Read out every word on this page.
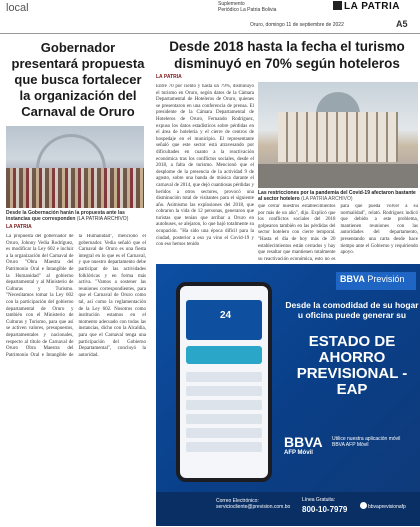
local	Suplemento
Periódico La Patria Bolivia	LA PATRIA
Oruro, domingo 11 de septiembre de 2022	A5
Gobernador presentará propuesta que busca fortalecer la organización del Carnaval de Oruro
Desde la Gobernación harán la propuesta ante las instancias que corresponden (LA PATRIA ARCHIVO)
LA PATRIA
La propuesta del gobernador de Oruro, Johnny Vedia Rodríguez, es modificar la Ley 602 e incluir a la organización del Carnaval de Oruro "Obra Maestra del Patrimonio Oral e Intangible de la Humanidad" al gobierno departamental y al Ministerio de Culturas y Turismo. "Necesitamos tomar la Ley 602 con la participación del gobierno departamental de Oruro y también con el Ministerio de Culturas y Turismo, para que así se activen valores, presupuestos, departamentales y nacionales, respecto al título de Carnaval de Oruro Obra Maestra del Patrimonio Oral e Intangible de la Humanidad", mencionó el gobernador. Vedia señaló que el Carnaval de Oruro es una fiesta integral en lo que es el Carnaval, y que nuestro departamento debe participar de las actividades folklóricas y en forma más activa. "Vamos a sostener las reuniones correspondientes, para que el Carnaval de Oruro como tal, así como la reglamentación de la Ley 602. Nosotros como institución estamos en el momento adecuado con todas las instancias, dicho con la Alcaldía, para que el Carnaval tenga una participación del Gobierno Departamental", concluyó la autoridad.
Desde 2018 hasta la fecha el turismo disminuyó en 70% según hoteleros
LA PATRIA
Entre 70 por ciento y hasta un 79%, disminuyó el turismo en Oruro, según datos de la Cámara Departamental de Hoteleros de Oruro, quienes se presentaron en una conferencia de prensa. El presidente de la Cámara Departamental de Hoteleros de Oruro, Fernando Rodríguez, expuso los datos estadísticos sobre pérdidas en el área de hotelería y el cierre de centros de hospedaje en el municipio. El representante señaló que este sector está atravesando por dificultades en cuanto a la reactivación económica tras los conflictos sociales, desde el 2018, a falta de turismo. Mencionó que el desplome de la presencia de la actividad 9 de agosto, sobre una banda de música durante el carnaval de 2014, que dejó cuantiosas pérdidas y heridos a otros sectores, provocó una disminución total de visitantes para el siguiente año. Asimismo las explosiones del 2018, que cobraron la vida de 12 personas, generaron que turistas que tenían que arribar a Oruro en autobuses, se alejaron, lo que bajó totalmente su ocupación. "Ha sido una época difícil para la ciudad, posterior a eso ya vino el Covid-19 y con eso hemos tenido
Las restricciones por la pandemia del Covid-19 afectaron bastante al sector hotelero (LA PATRIA ARCHIVO)
que cerrar nuestros establecimientos por más de un año", dijo. Explicó que los conflictos sociales del 2018 golpearon también en las pérdidas del sector hotelero con cierre temporal. "Hasta el día de hoy más de 20 establecimientos están cerrados y hay que resaltar que mantienen totalmente su reactivación económica, esto no es para que pueda volver a su normalidad", relató. Rodríguez indicó que debido a este problema, mantienen reuniones con las autoridades del departamento, presentando una carta desde hace tiempo ante el Gobierno y requiriendo apoyo.
24
BBVA Previsión
Desde la comodidad de su hogar u oficina puede generar su
ESTADO DE AHORRO PREVISIONAL - EAP
BBVA
AFP Móvil
Utilice nuestra aplicación móvil BBVA AFP Móvil
Correo Electrónico:
serviciocliente@prevision.com.bo
Línea Gratuita:
800-10-7979	bbvaprevisionafp
